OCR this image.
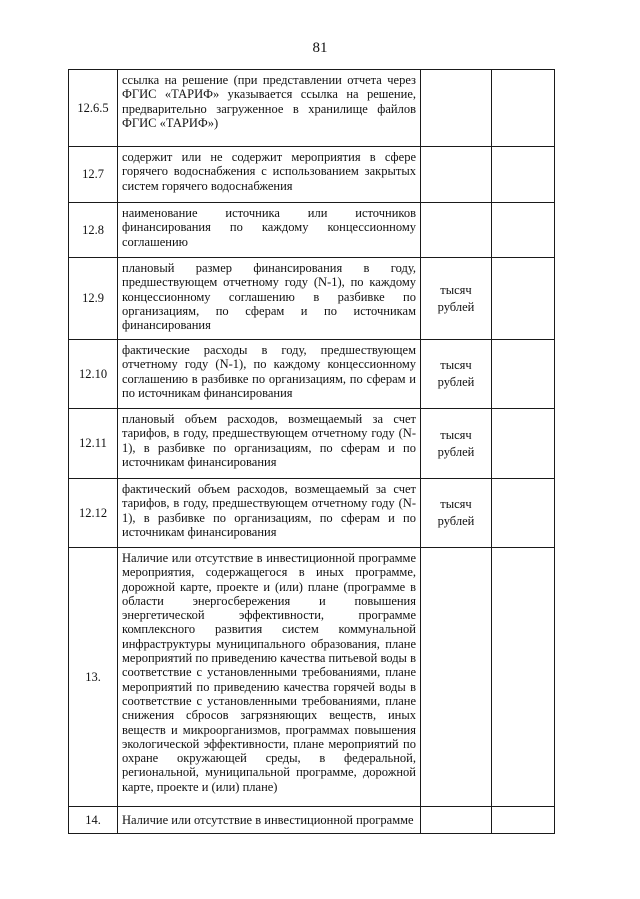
81
12.6.5	ссылка на решение (при представлении отчета через ФГИС «ТАРИФ» указывается ссылка на решение, предварительно загруженное в хранилище файлов ФГИС «ТАРИФ»)		
12.7	содержит или не содержит мероприятия в сфере горячего водоснабжения с использованием закрытых систем горячего водоснабжения		
12.8	наименование источника или источников финансирования по каждому концессионному соглашению		
12.9	плановый размер финансирования в году, предшествующем отчетному году (N-1), по каждому концессионному соглашению в разбивке по организациям, по сферам и по источникам финансирования	тысяч рублей	
12.10	фактические расходы в году, предшествующем отчетному году (N-1), по каждому концессионному соглашению в разбивке по организациям, по сферам и по источникам финансирования	тысяч рублей	
12.11	плановый объем расходов, возмещаемый за счет тарифов, в году, предшествующем отчетному году (N-1), в разбивке по организациям, по сферам и по источникам финансирования	тысяч рублей	
12.12	фактический объем расходов, возмещаемый за счет тарифов, в году, предшествующем отчетному году (N-1), в разбивке по организациям, по сферам и по источникам финансирования	тысяч рублей	
13.	Наличие или отсутствие в инвестиционной программе мероприятия, содержащегося в иных программе, дорожной карте, проекте и (или) плане (программе в области энергосбережения и повышения энергетической эффективности, программе комплексного развития систем коммунальной инфраструктуры муниципального образования, плане мероприятий по приведению качества питьевой воды в соответствие с установленными требованиями, плане мероприятий по приведению качества горячей воды в соответствие с установленными требованиями, плане снижения сбросов загрязняющих веществ, иных веществ и микроорганизмов, программах повышения экологической эффективности, плане мероприятий по охране окружающей среды, в федеральной, региональной, муниципальной программе, дорожной карте, проекте и (или) плане)		
14.	Наличие или отсутствие в инвестиционной программе		
